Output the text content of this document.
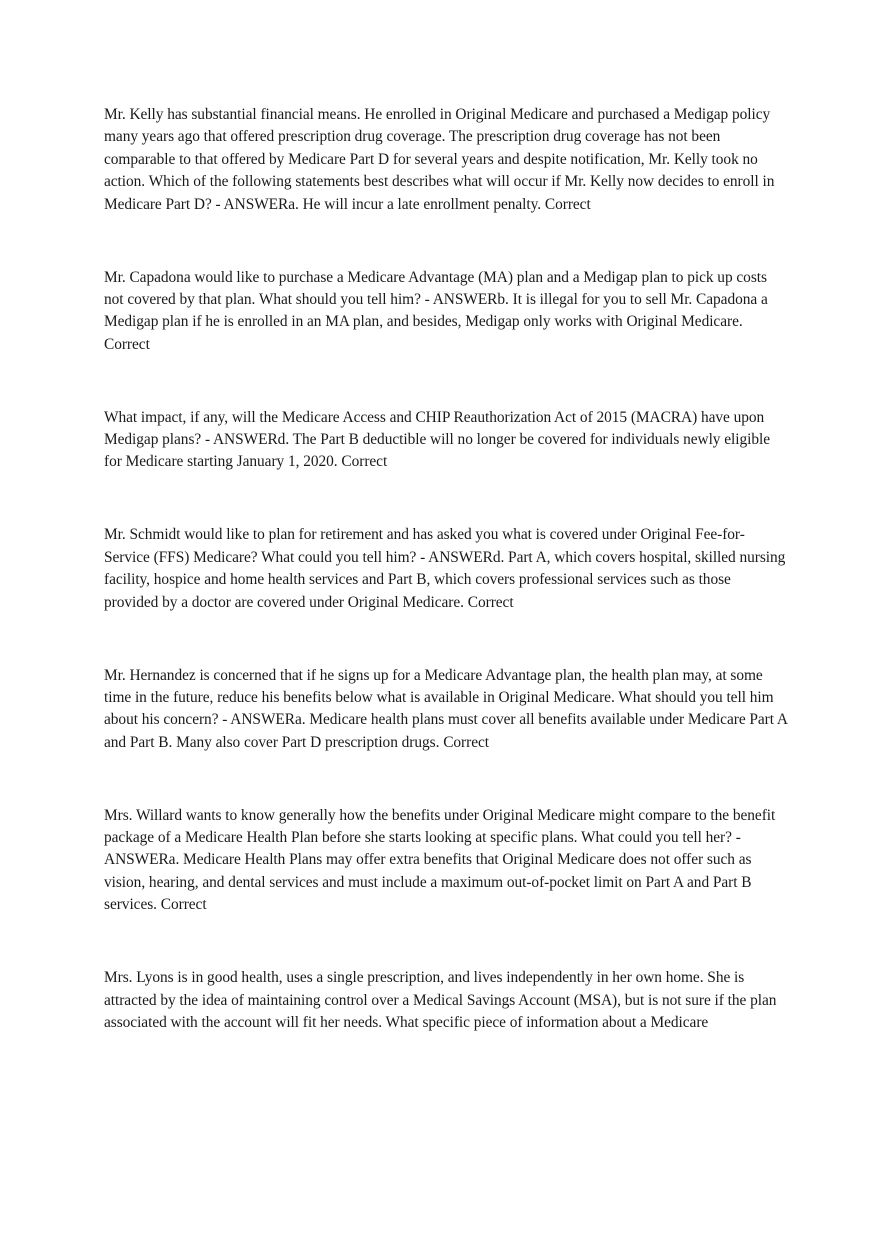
Mr. Kelly has substantial financial means. He enrolled in Original Medicare and purchased a Medigap policy many years ago that offered prescription drug coverage. The prescription drug coverage has not been comparable to that offered by Medicare Part D for several years and despite notification, Mr. Kelly took no action. Which of the following statements best describes what will occur if Mr. Kelly now decides to enroll in Medicare Part D? - ANSWERa. He will incur a late enrollment penalty. Correct

Mr. Capadona would like to purchase a Medicare Advantage (MA) plan and a Medigap plan to pick up costs not covered by that plan. What should you tell him? - ANSWERb. It is illegal for you to sell Mr. Capadona a Medigap plan if he is enrolled in an MA plan, and besides, Medigap only works with Original Medicare. Correct

What impact, if any, will the Medicare Access and CHIP Reauthorization Act of 2015 (MACRA) have upon Medigap plans? - ANSWERd. The Part B deductible will no longer be covered for individuals newly eligible for Medicare starting January 1, 2020. Correct

Mr. Schmidt would like to plan for retirement and has asked you what is covered under Original Fee-for-Service (FFS) Medicare? What could you tell him? - ANSWERd. Part A, which covers hospital, skilled nursing facility, hospice and home health services and Part B, which covers professional services such as those provided by a doctor are covered under Original Medicare. Correct

Mr. Hernandez is concerned that if he signs up for a Medicare Advantage plan, the health plan may, at some time in the future, reduce his benefits below what is available in Original Medicare. What should you tell him about his concern? - ANSWERa. Medicare health plans must cover all benefits available under Medicare Part A and Part B. Many also cover Part D prescription drugs. Correct

Mrs. Willard wants to know generally how the benefits under Original Medicare might compare to the benefit package of a Medicare Health Plan before she starts looking at specific plans. What could you tell her? - ANSWERa. Medicare Health Plans may offer extra benefits that Original Medicare does not offer such as vision, hearing, and dental services and must include a maximum out-of-pocket limit on Part A and Part B services. Correct

Mrs. Lyons is in good health, uses a single prescription, and lives independently in her own home. She is attracted by the idea of maintaining control over a Medical Savings Account (MSA), but is not sure if the plan associated with the account will fit her needs. What specific piece of information about a Medicare
